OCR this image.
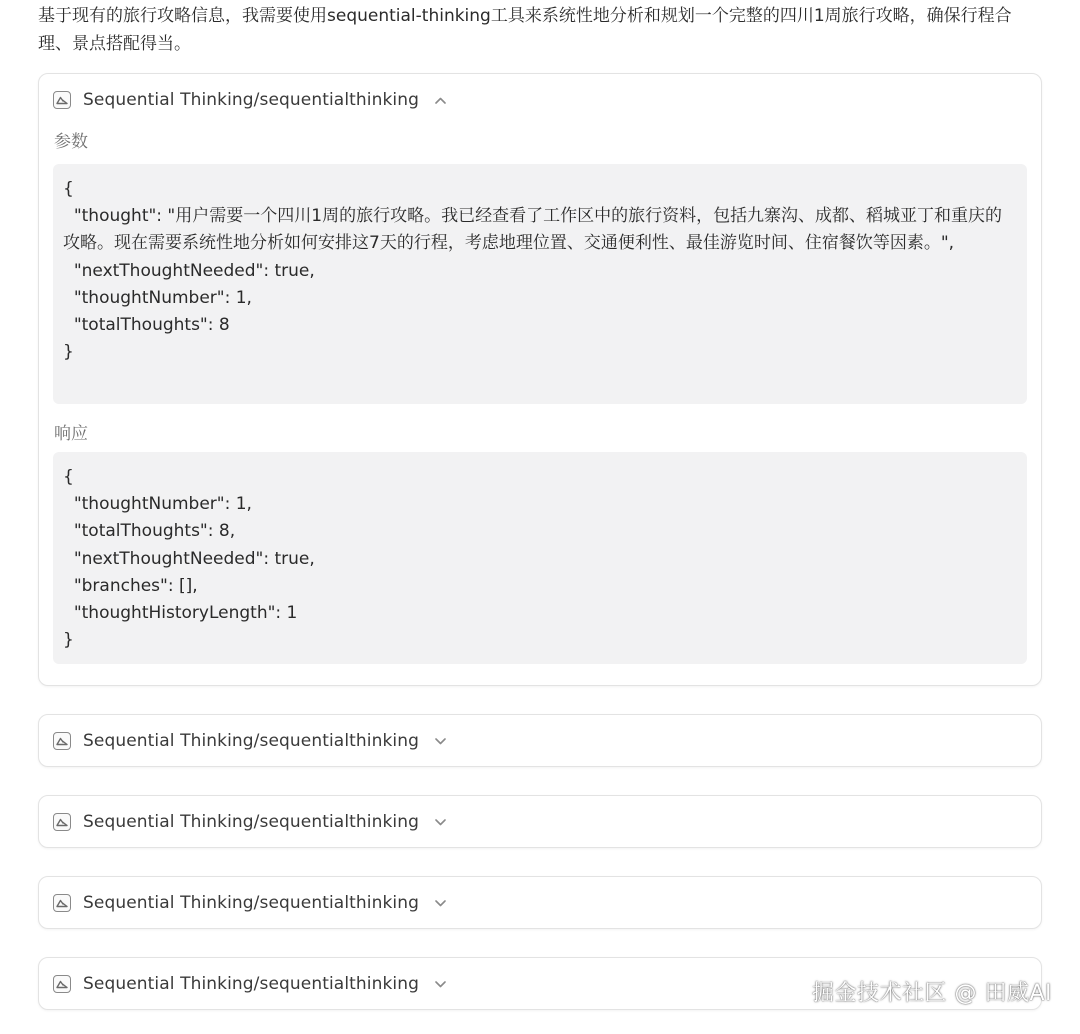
基于现有的旅行攻略信息，我需要使用sequential-thinking工具来系统性地分析和规划一个完整的四川1周旅行攻略，确保行程合理、景点搭配得当。

Sequential Thinking/sequentialthinking
参数
{
"thought": "用户需要一个四川1周的旅行攻略。我已经查看了工作区中的旅行资料，包括九寨沟、成都、稻城亚丁和重庆的攻略。现在需要系统性地分析如何安排这7天的行程，考虑地理位置、交通便利性、最佳游览时间、住宿餐饮等因素。",
"nextThoughtNeeded": true,
"thoughtNumber": 1,
"totalThoughts": 8
}
响应
{
"thoughtNumber": 1,
"totalThoughts": 8,
"nextThoughtNeeded": true,
"branches": [],
"thoughtHistoryLength": 1
}
Sequential Thinking/sequentialthinking
Sequential Thinking/sequentialthinking
Sequential Thinking/sequentialthinking
Sequential Thinking/sequentialthinking	掘金技术社区 @ 田威AI
